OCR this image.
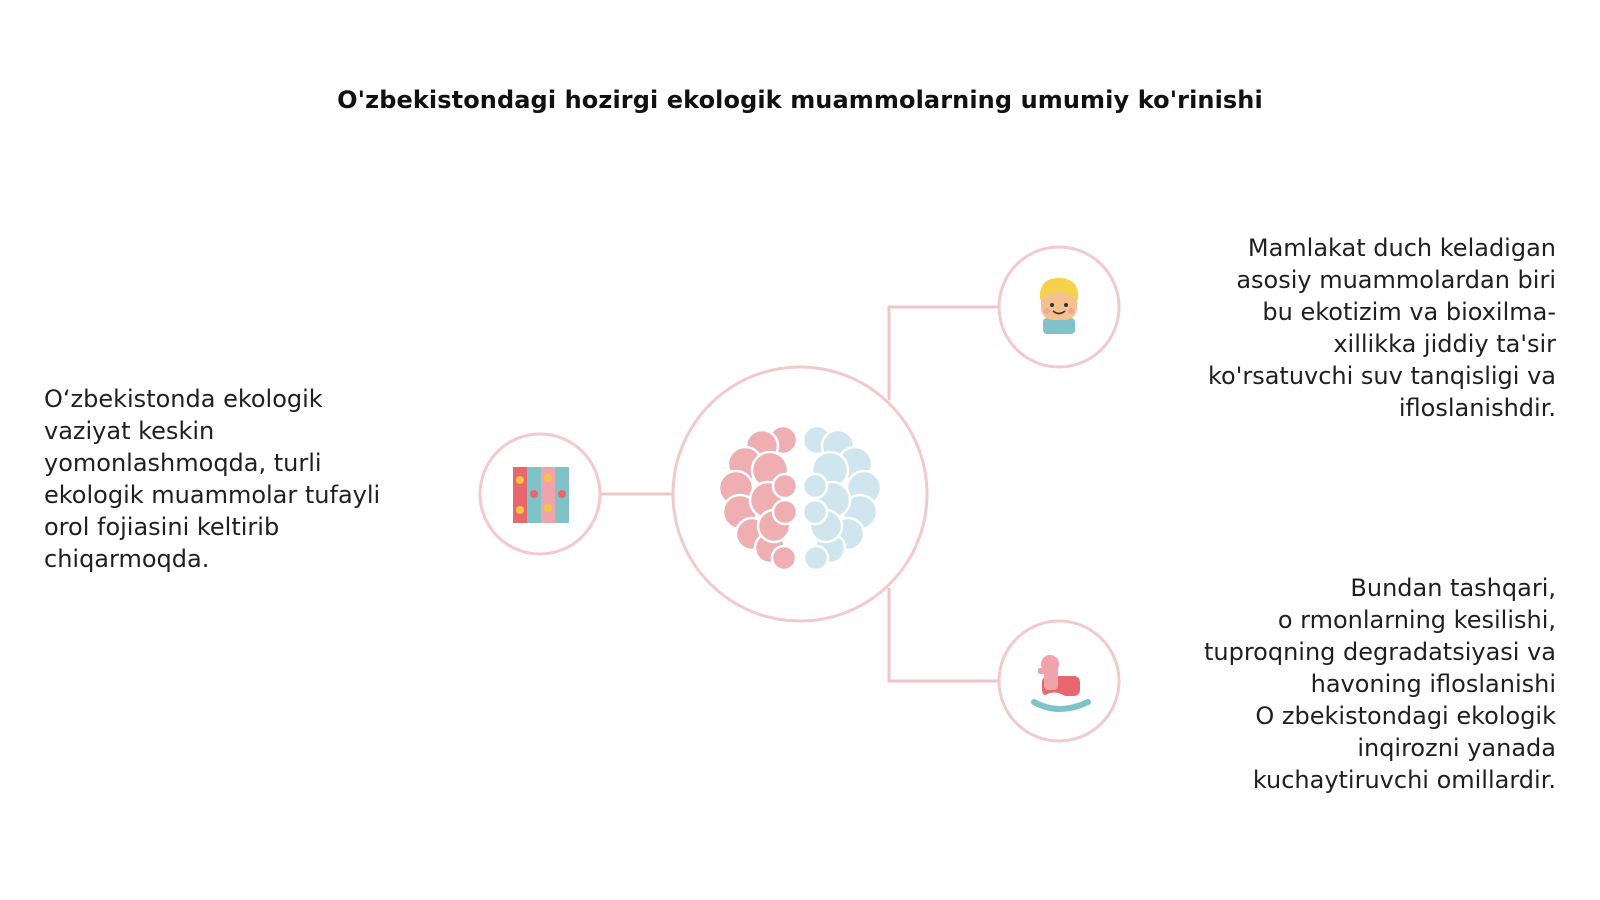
O'zbekistondagi hozirgi ekologik muammolarning umumiy ko'rinishi
O‘zbekistonda ekologik
vaziyat keskin
yomonlashmoqda, turli
ekologik muammolar tufayli
orol fojiasini keltirib
chiqarmoqda.
Mamlakat duch keladigan
asosiy muammolardan biri
bu ekotizim va bioxilma-
xillikka jiddiy ta'sir
ko'rsatuvchi suv tanqisligi va
ifloslanishdir.
Bundan tashqari,
o rmonlarning kesilishi,
tuproqning degradatsiyasi va
havoning ifloslanishi
O zbekistondagi ekologik
inqirozni yanada
kuchaytiruvchi omillardir.
